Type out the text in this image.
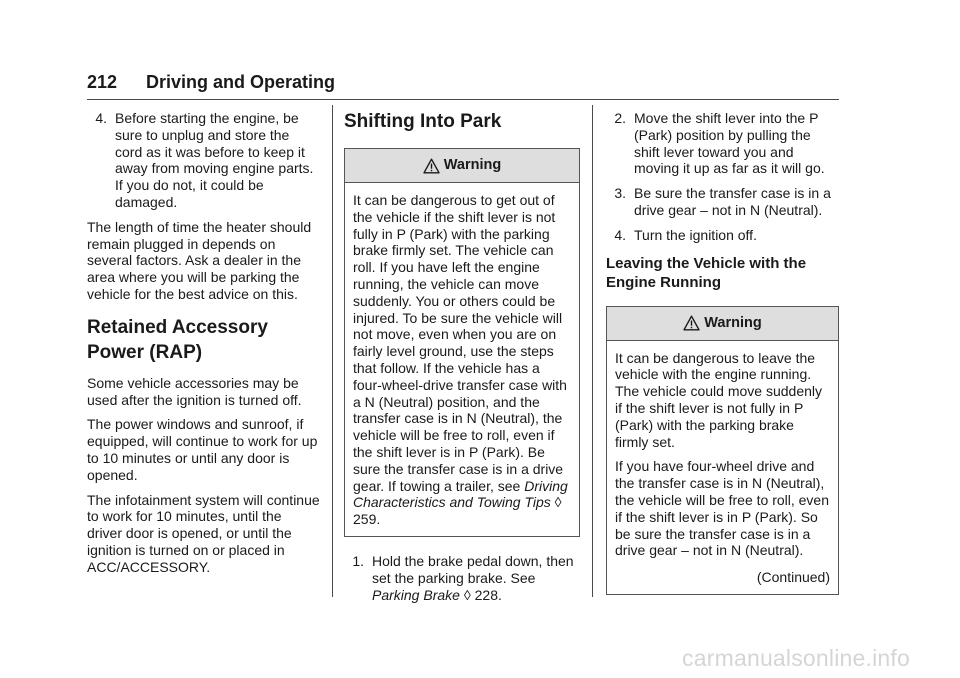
212 Driving and Operating
4. Before starting the engine, be sure to unplug and store the cord as it was before to keep it away from moving engine parts. If you do not, it could be damaged.

The length of time the heater should remain plugged in depends on several factors. Ask a dealer in the area where you will be parking the vehicle for the best advice on this.

Retained Accessory
Power (RAP)

Some vehicle accessories may be used after the ignition is turned off.

The power windows and sunroof, if equipped, will continue to work for up to 10 minutes or until any door is opened.

The infotainment system will continue to work for 10 minutes, until the driver door is opened, or until the ignition is turned on or placed in ACC/ACCESSORY.

Shifting Into Park
Warning

It can be dangerous to get out of the vehicle if the shift lever is not fully in P (Park) with the parking brake firmly set. The vehicle can roll. If you have left the engine running, the vehicle can move suddenly. You or others could be injured. To be sure the vehicle will not move, even when you are on fairly level ground, use the steps that follow. If the vehicle has a four-wheel-drive transfer case with a N (Neutral) position, and the transfer case is in N (Neutral), the vehicle will be free to roll, even if the shift lever is in P (Park). Be sure the transfer case is in a drive gear. If towing a trailer, see Driving Characteristics and Towing Tips ◊ 259.

1. Hold the brake pedal down, then set the parking brake. See Parking Brake ◊ 228.
2. Move the shift lever into the P (Park) position by pulling the shift lever toward you and moving it up as far as it will go.
3. Be sure the transfer case is in a drive gear – not in N (Neutral).
4. Turn the ignition off.
Leaving the Vehicle with the Engine Running
Warning

It can be dangerous to leave the vehicle with the engine running. The vehicle could move suddenly if the shift lever is not fully in P (Park) with the parking brake firmly set.

If you have four-wheel drive and the transfer case is in N (Neutral), the vehicle will be free to roll, even if the shift lever is in P (Park). So be sure the transfer case is in a drive gear – not in N (Neutral).

(Continued)
carmanualsonline.info
